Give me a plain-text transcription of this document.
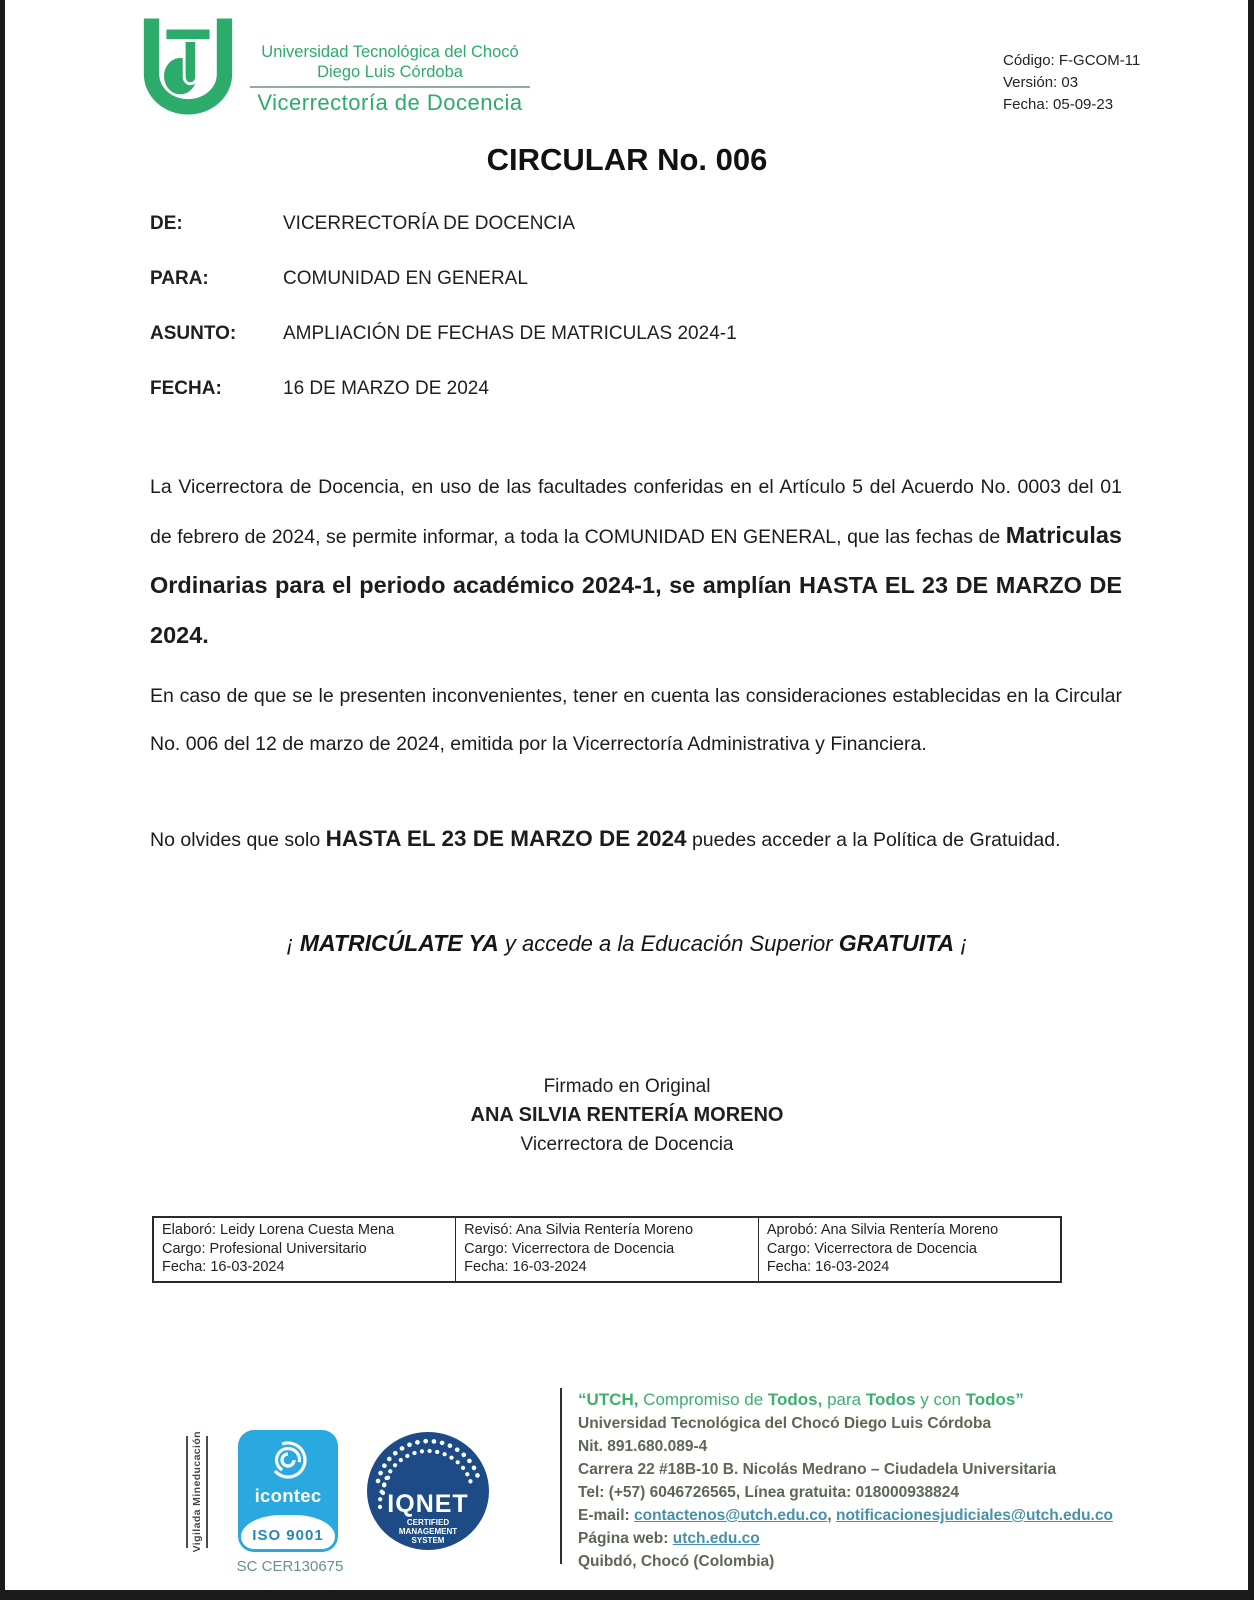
Universidad Tecnológica del Chocó
Diego Luis Córdoba
Vicerrectoría de Docencia
Código: F-GCOM-11
Versión: 03
Fecha: 05-09-23
CIRCULAR No. 006
DE:	VICERRECTORÍA DE DOCENCIA
PARA:	COMUNIDAD EN GENERAL
ASUNTO:	AMPLIACIÓN DE FECHAS DE MATRICULAS 2024-1
FECHA:	16 DE MARZO DE 2024

La Vicerrectora de Docencia, en uso de las facultades conferidas en el Artículo 5 del Acuerdo No. 0003 del 01 de febrero de 2024, se permite informar, a toda la COMUNIDAD EN GENERAL, que las fechas de Matriculas Ordinarias para el periodo académico 2024-1, se amplían HASTA EL 23 DE MARZO DE 2024.

En caso de que se le presenten inconvenientes, tener en cuenta las consideraciones establecidas en la Circular No. 006 del 12 de marzo de 2024, emitida por la Vicerrectoría Administrativa y Financiera.

No olvides que solo HASTA EL 23 DE MARZO DE 2024 puedes acceder a la Política de Gratuidad.

¡ MATRICÚLATE YA y accede a la Educación Superior GRATUITA ¡
Firmado en Original
ANA SILVIA RENTERÍA MORENO
Vicerrectora de Docencia
Elaboró: Leidy Lorena Cuesta Mena
Cargo: Profesional Universitario
Fecha: 16-03-2024

Revisó: Ana Silvia Rentería Moreno
Cargo: Vicerrectora de Docencia
Fecha: 16-03-2024

Aprobó: Ana Silvia Rentería Moreno
Cargo: Vicerrectora de Docencia
Fecha: 16-03-2024
Vigilada Mineducación	icontec
ISO 9001
IQNET
CERTIFIED
MANAGEMENT
SYSTEM
SC CER130675
“UTCH, Compromiso de Todos, para Todos y con Todos”
Universidad Tecnológica del Chocó Diego Luis Córdoba
Nit. 891.680.089-4
Carrera 22 #18B-10 B. Nicolás Medrano – Ciudadela Universitaria
Tel: (+57) 6046726565, Línea gratuita: 018000938824
E-mail: contactenos@utch.edu.co, notificacionesjudiciales@utch.edu.co
Página web: utch.edu.co
Quibdó, Chocó (Colombia)
